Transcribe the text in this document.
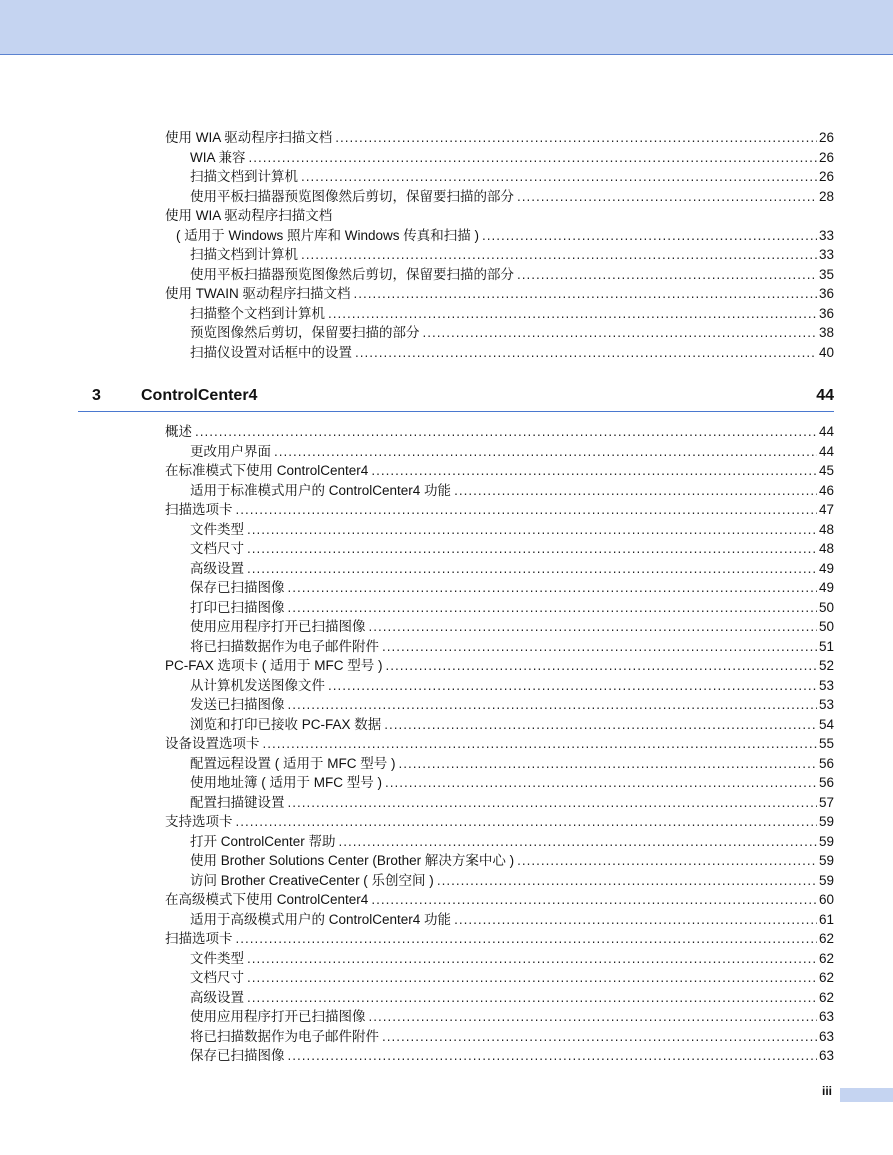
使用 WIA 驱动程序扫描文档 .....	26
WIA 兼容 .....	26
扫描文档到计算机 .....	26
使用平板扫描器预览图像然后剪切，保留要扫描的部分 .....	28
使用 WIA 驱动程序扫描文档
( 适用于 Windows 照片库和 Windows 传真和扫描 ) .....	33
扫描文档到计算机 .....	33
使用平板扫描器预览图像然后剪切，保留要扫描的部分 .....	35
使用 TWAIN 驱动程序扫描文档 .....	36
扫描整个文档到计算机 .....	36
预览图像然后剪切，保留要扫描的部分 .....	38
扫描仪设置对话框中的设置 .....	40
3	ControlCenter4	44
概述 .....	44
更改用户界面 .....	44
在标准模式下使用 ControlCenter4 .....	45
适用于标准模式用户的 ControlCenter4 功能 .....	46
扫描选项卡 .....	47
文件类型 .....	48
文档尺寸 .....	48
高级设置 .....	49
保存已扫描图像 .....	49
打印已扫描图像 .....	50
使用应用程序打开已扫描图像 .....	50
将已扫描数据作为电子邮件附件 .....	51
PC-FAX 选项卡 ( 适用于 MFC 型号 ) .....	52
从计算机发送图像文件 .....	53
发送已扫描图像 .....	53
浏览和打印已接收 PC-FAX 数据 .....	54
设备设置选项卡 .....	55
配置远程设置 ( 适用于 MFC 型号 ) .....	56
使用地址簿 ( 适用于 MFC 型号 ) .....	56
配置扫描键设置 .....	57
支持选项卡 .....	59
打开 ControlCenter 帮助 .....	59
使用 Brother Solutions Center (Brother 解决方案中心 ) .....	59
访问 Brother CreativeCenter ( 乐创空间 ) .....	59
在高级模式下使用 ControlCenter4 .....	60
适用于高级模式用户的 ControlCenter4 功能 .....	61
扫描选项卡 .....	62
文件类型 .....	62
文档尺寸 .....	62
高级设置 .....	62
使用应用程序打开已扫描图像 .....	63
将已扫描数据作为电子邮件附件 .....	63
保存已扫描图像 .....	63
iii
